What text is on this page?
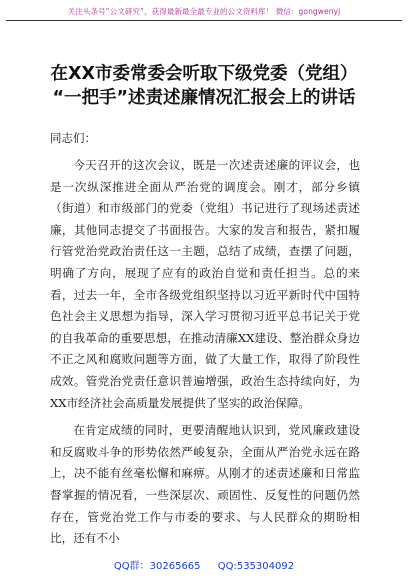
关注头条号“公文研究”，获得最新最全最专业的公文资料库！ 微信：gongwenyj
在XX市委常委会听取下级党委（党组）
“一把手”述责述廉情况汇报会上的讲话
同志们：

今天召开的这次会议，既是一次述责述廉的评议会，也是一次纵深推进全面从严治党的调度会。刚才，部分乡镇（街道）和市级部门的党委（党组）书记进行了现场述责述廉，其他同志提交了书面报告。大家的发言和报告，紧扣履行管党治党政治责任这一主题，总结了成绩，查摆了问题，明确了方向，展现了应有的政治自觉和责任担当。总的来看，过去一年，全市各级党组织坚持以习近平新时代中国特色社会主义思想为指导，深入学习贯彻习近平总书记关于党的自我革命的重要思想，在推动清廉XX建设、整治群众身边不正之风和腐败问题等方面，做了大量工作，取得了阶段性成效。管党治党责任意识普遍增强，政治生态持续向好，为XX市经济社会高质量发展提供了坚实的政治保障。

在肯定成绩的同时，更要清醒地认识到，党风廉政建设和反腐败斗争的形势依然严峻复杂，全面从严治党永远在路上，决不能有丝毫松懈和麻痹。从刚才的述责述廉和日常监督掌握的情况看，一些深层次、顽固性、反复性的问题仍然存在，管党治党工作与市委的要求、与人民群众的期盼相比，还有不小

QQ群：30265665 QQ:535304092
